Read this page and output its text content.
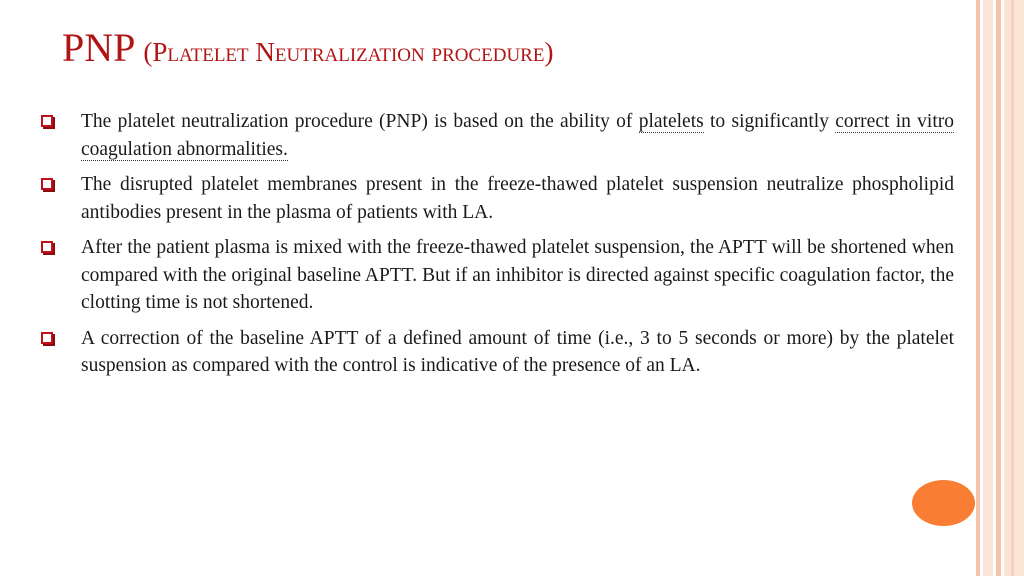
PNP (Platelet Neutralization procedure)
The platelet neutralization procedure (PNP) is based on the ability of platelets to significantly correct in vitro coagulation abnormalities.
The disrupted platelet membranes present in the freeze-thawed platelet suspension neutralize phospholipid antibodies present in the plasma of patients with LA.
After the patient plasma is mixed with the freeze-thawed platelet suspension, the APTT will be shortened when compared with the original baseline APTT. But if an inhibitor is directed against specific coagulation factor, the clotting time is not shortened.
A correction of the baseline APTT of a defined amount of time (i.e., 3 to 5 seconds or more) by the platelet suspension as compared with the control is indicative of the presence of an LA.
